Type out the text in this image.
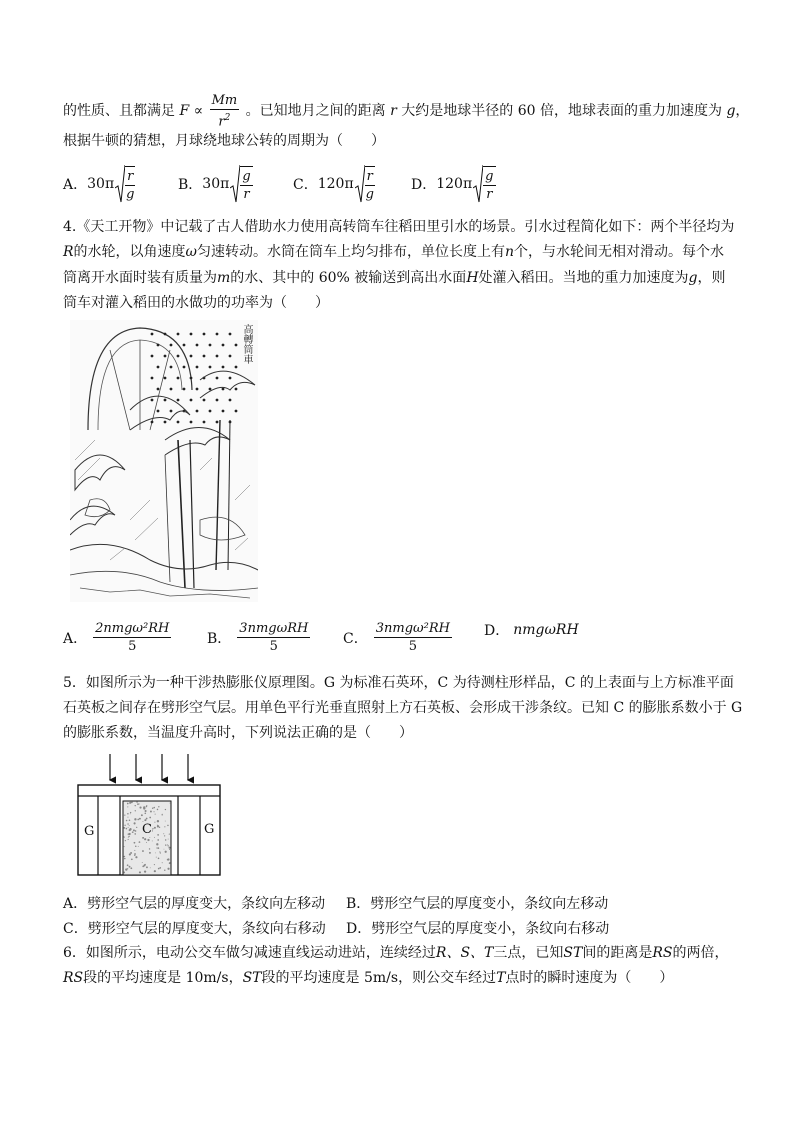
的性质、且都满足 $F \propto \frac{Mm}{r^2}$ 。已知地月之间的距离 r 大约是地球半径的 60 倍，地球表面的重力加速度为 g，
根据牛顿的猜想，月球绕地球公转的周期为（　　）
A． $30\pi \frac{r}{g}$	B． $30\pi \frac{g}{r}$	C． $120\pi \frac{r}{g}$	D． $120\pi \frac{g}{r}$
4.《天工开物》中记载了古人借助水力使用高转筒车往稻田里引水的场景。引水过程简化如下：两个半径均为
R的水轮，以角速度ω匀速转动。水筒在筒车上均匀排布，单位长度上有n个，与水轮间无相对滑动。每个水
筒离开水面时装有质量为m的水、其中的 60% 被输送到高出水面H处灌入稻田。当地的重力加速度为g，则
筒车对灌入稻田的水做功的功率为（　　）
高轉筒車
A． $\frac{\text{2nmgω²RH}}{5}$	B． $\frac{\text{3nmgωRH}}{5}$ C． $\frac{\text{3nmgω²RH}}{5}$ D． nmgωRH
5．如图所示为一种干涉热膨胀仪原理图。G 为标准石英环，C 为待测柱形样品，C 的上表面与上方标准平面
石英板之间存在劈形空气层。用单色平行光垂直照射上方石英板、会形成干涉条纹。已知 C 的膨胀系数小于 G
的膨胀系数，当温度升高时，下列说法正确的是（　　）
G	C	G
A．劈形空气层的厚度变大，条纹向左移动 B．劈形空气层的厚度变小，条纹向左移动
C．劈形空气层的厚度变大，条纹向右移动 D．劈形空气层的厚度变小，条纹向右移动
6．如图所示，电动公交车做匀减速直线运动进站，连续经过R、S、T三点，已知ST间的距离是RS的两倍，
RS段的平均速度是 10m/s，ST段的平均速度是 5m/s，则公交车经过T点时的瞬时速度为（　　）
